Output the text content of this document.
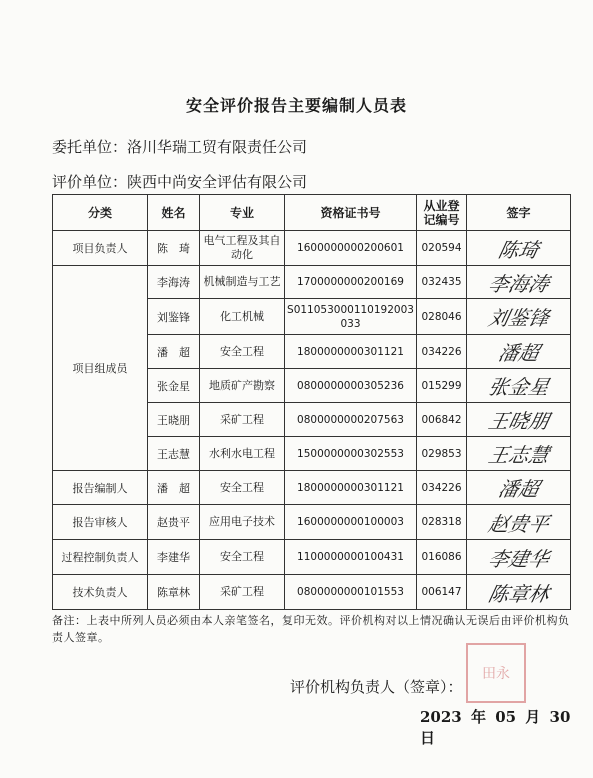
安全评价报告主要编制人员表
委托单位：洛川华瑞工贸有限责任公司
评价单位：陕西中尚安全评估有限公司
分类	姓名	专业	资格证书号	从业登记编号	签字
项目负责人	陈　琦	电气工程及其自动化	1600000000200601	020594	陈琦
项目组成员	李海涛	机械制造与工艺	1700000000200169	032435	李海涛
	刘鉴锋	化工机械	S011053000110192003033	028046	刘鉴锋
	潘　超	安全工程	1800000000301121	034226	潘超
	张金星	地质矿产勘察	0800000000305236	015299	张金星
	王晓朋	采矿工程	0800000000207563	006842	王晓朋
	王志慧	水利水电工程	1500000000302553	029853	王志慧
报告编制人	潘　超	安全工程	1800000000301121	034226	潘超
报告审核人	赵贵平	应用电子技术	1600000000100003	028318	赵贵平
过程控制负责人	李建华	安全工程	1100000000100431	016086	李建华
技术负责人	陈章林	采矿工程	0800000000101553	006147	陈章林
备注：上表中所列人员必须由本人亲笔签名，复印无效。评价机构对以上情况确认无误后由评价机构负责人签章。
田永
评价机构负责人（签章）：
2023 年 05 月 30 日
